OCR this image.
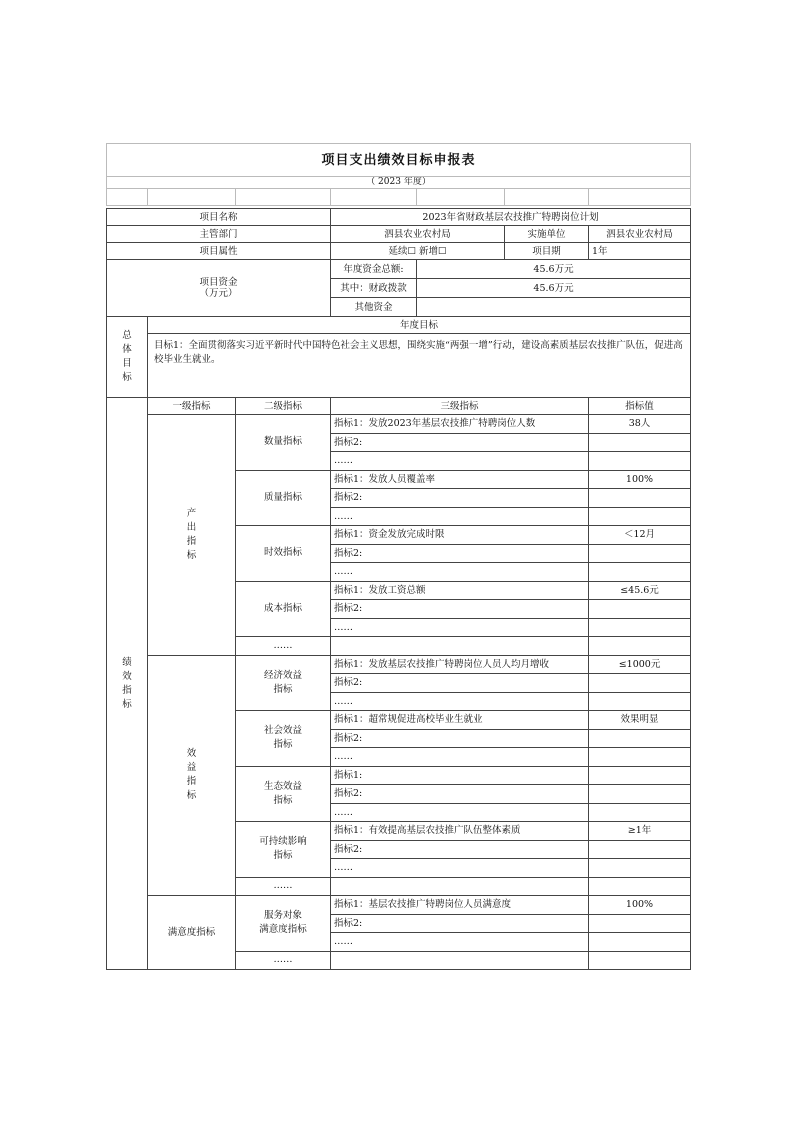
项目支出绩效目标申报表						
（ 2023 年度）						

项目名称			2023年省财政基层农技推广特聘岗位计划			
主管部门			泗县农业农村局		实施单位	泗县农业农村局
项目属性			延续☐ 新增☐		项目期	1年

项目资金
（万元）			年度资金总额:	45.6万元		
			其中：财政拨款	45.6万元		
			其他资金			

总
体
目
标	年度目标					
	目标1：全面贯彻落实习近平新时代中国特色社会主义思想，围绕实施“两强一增”行动，建设高素质基层农技推广队伍，促进高校毕业生就业。					

绩
效
指
标	一级指标	二级指标	三级指标			指标值

	产
出
指
标	数量指标	指标1：发放2023年基层农技推广特聘岗位人数			38人
			指标2:			
			……			

		质量指标	指标1：发放人员覆盖率			100%
			指标2:			
			……			

		时效指标	指标1：资金发放完成时限			＜12月
			指标2:			
			……			

		成本指标	指标1：发放工资总额			≤45.6元
			指标2:			
			……			

		……				

	效
益
指
标	经济效益
指标	指标1：发放基层农技推广特聘岗位人员人均月增收			≤1000元
			指标2:			
			……			

		社会效益
指标	指标1：超常规促进高校毕业生就业			效果明显
			指标2:			
			……			

		生态效益
指标	指标1:			
			指标2:			
			……			

		可持续影响
指标	指标1：有效提高基层农技推广队伍整体素质			≥1年
			指标2:			
			……			

		……				

	满意度指标	服务对象
满意度指标	指标1：基层农技推广特聘岗位人员满意度			100%
			指标2:			
			……			

		……				
